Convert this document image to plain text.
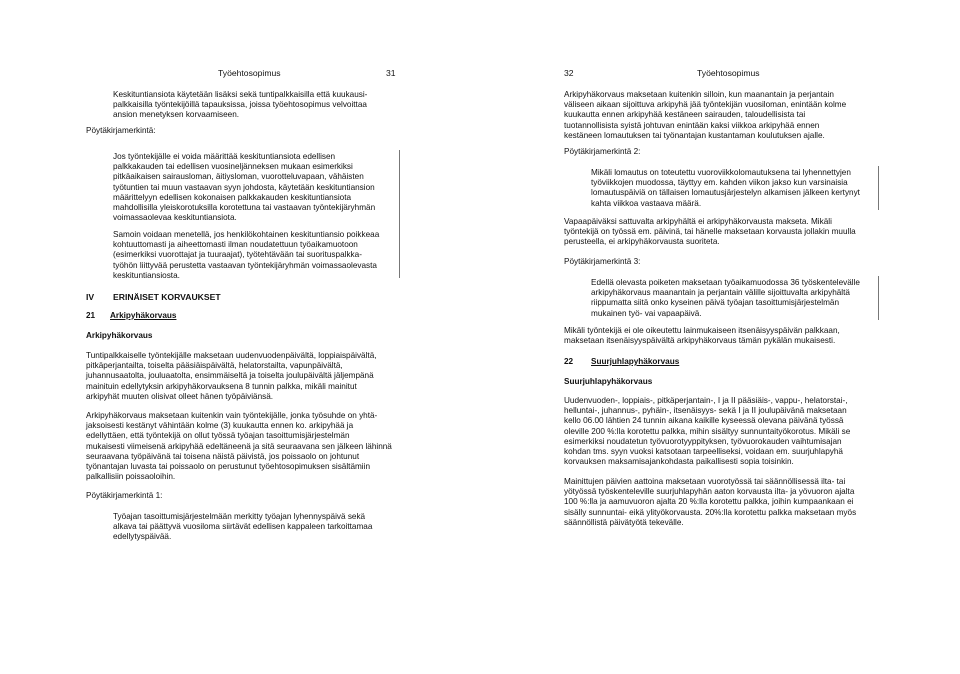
Työehtosopimus	31

Keskituntiansiota käytetään lisäksi sekä tuntipalkkaisilla että kuukausi-
palkkaisilla työntekijöillä tapauksissa, joissa työehtosopimus velvoittaa
ansion menetyksen korvaamiseen.

Pöytäkirjamerkintä:

Jos työntekijälle ei voida määrittää keskituntiansiota edellisen
palkkakauden tai edellisen vuosineljänneksen mukaan esimerkiksi
pitkäaikaisen sairausloman, äitiysloman, vuorotteluvapaan, vähäisten
työtuntien tai muun vastaavan syyn johdosta, käytetään keskituntiansion
määrittelyyn edellisen kokonaisen palkkakauden keskituntiansiota
mahdollisilla yleiskorotuksilla korotettuna tai vastaavan työntekijäryhmän
voimassaolevaa keskituntiansiota.

Samoin voidaan menetellä, jos henkilökohtainen keskituntiansio poikkeaa
kohtuuttomasti ja aiheettomasti ilman noudatettuun työaikamuotoon
(esimerkiksi vuorottajat ja tuuraajat), työtehtävään tai suorituspalkka-
työhön liittyvää perustetta vastaavan työntekijäryhmän voimassaolevasta
keskituntiansiosta.

IV ERINÄISET KORVAUKSET
21 Arkipyhäkorvaus
Arkipyhäkorvaus

Tuntipalkkaiselle työntekijälle maksetaan uudenvuodenpäivältä, loppiaispäivältä,
pitkäperjantailta, toiselta pääsiäispäivältä, helatorstailta, vapunpäivältä,
juhannusaatolta, jouluaatolta, ensimmäiseltä ja toiselta joulupäivältä jäljempänä
mainituin edellytyksin arkipyhäkorvauksena 8 tunnin palkka, mikäli mainitut
arkipyhät muuten olisivat olleet hänen työpäiviänsä.

Arkipyhäkorvaus maksetaan kuitenkin vain työntekijälle, jonka työsuhde on yhtä-
jaksoisesti kestänyt vähintään kolme (3) kuukautta ennen ko. arkipyhää ja
edellyttäen, että työntekijä on ollut työssä työajan tasoittumisjärjestelmän
mukaisesti viimeisenä arkipyhää edeltäneenä ja sitä seuraavana sen jälkeen lähinnä
seuraavana työpäivänä tai toisena näistä päivistä, jos poissaolo on johtunut
työnantajan luvasta tai poissaolo on perustunut työehtosopimuksen sisältämiin
palkallisiin poissaoloihin.

Pöytäkirjamerkintä 1:

Työajan tasoittumisjärjestelmään merkitty työajan lyhennyspäivä sekä
alkava tai päättyvä vuosiloma siirtävät edellisen kappaleen tarkoittamaa
edellytyspäivää.

32	Työehtosopimus

Arkipyhäkorvaus maksetaan kuitenkin silloin, kun maanantain ja perjantain
väliseen aikaan sijoittuva arkipyhä jää työntekijän vuosiloman, enintään kolme
kuukautta ennen arkipyhää kestäneen sairauden, taloudellisista tai
tuotannollisista syistä johtuvan enintään kaksi viikkoa arkipyhää ennen
kestäneen lomautuksen tai työnantajan kustantaman koulutuksen ajalle.

Pöytäkirjamerkintä 2:

Mikäli lomautus on toteutettu vuoroviikkolomautuksena tai lyhennettyjen
työviikkojen muodossa, täyttyy em. kahden viikon jakso kun varsinaisia
lomautuspäiviä on tällaisen lomautusjärjestelyn alkamisen jälkeen kertynyt
kahta viikkoa vastaava määrä.

Vapaapäiväksi sattuvalta arkipyhältä ei arkipyhäkorvausta makseta. Mikäli
työntekijä on työssä em. päivinä, tai hänelle maksetaan korvausta jollakin muulla
perusteella, ei arkipyhäkorvausta suoriteta.

Pöytäkirjamerkintä 3:

Edellä olevasta poiketen maksetaan työaikamuodossa 36 työskentelevälle
arkipyhäkorvaus maanantain ja perjantain välille sijoittuvalta arkipyhältä
riippumatta siitä onko kyseinen päivä työajan tasoittumisjärjestelmän
mukainen työ- vai vapaapäivä.

Mikäli työntekijä ei ole oikeutettu lainmukaiseen itsenäisyyspäivän palkkaan,
maksetaan itsenäisyyspäivältä arkipyhäkorvaus tämän pykälän mukaisesti.

22 Suurjuhlapyhäkorvaus
Suurjuhlapyhäkorvaus

Uudenvuoden-, loppiais-, pitkäperjantain-, I ja II pääsiäis-, vappu-, helatorstai-,
helluntai-, juhannus-, pyhäin-, itsenäisyys- sekä I ja II joulupäivänä maksetaan
kello 06.00 lähtien 24 tunnin aikana kaikille kyseessä olevana päivänä työssä
oleville 200 %:lla korotettu palkka, mihin sisältyy sunnuntaityökorotus. Mikäli se
esimerkiksi noudatetun työvuorotyyppityksen, työvuorokauden vaihtumisajan
kohdan tms. syyn vuoksi katsotaan tarpeelliseksi, voidaan em. suurjuhlapyhä
korvauksen maksamisajankohdasta paikallisesti sopia toisinkin.

Mainittujen päivien aattoina maksetaan vuorotyössä tai säännöllisessä ilta- tai
yötyössä työskenteleville suurjuhlapyhän aaton korvausta ilta- ja yövuoron ajalta
100 %:lla ja aamuvuoron ajalta 20 %:lla korotettu palkka, joihin kumpaankaan ei
sisälly sunnuntai- eikä ylityökorvausta. 20%:lla korotettu palkka maksetaan myös
säännöllistä päivätyötä tekevälle.
